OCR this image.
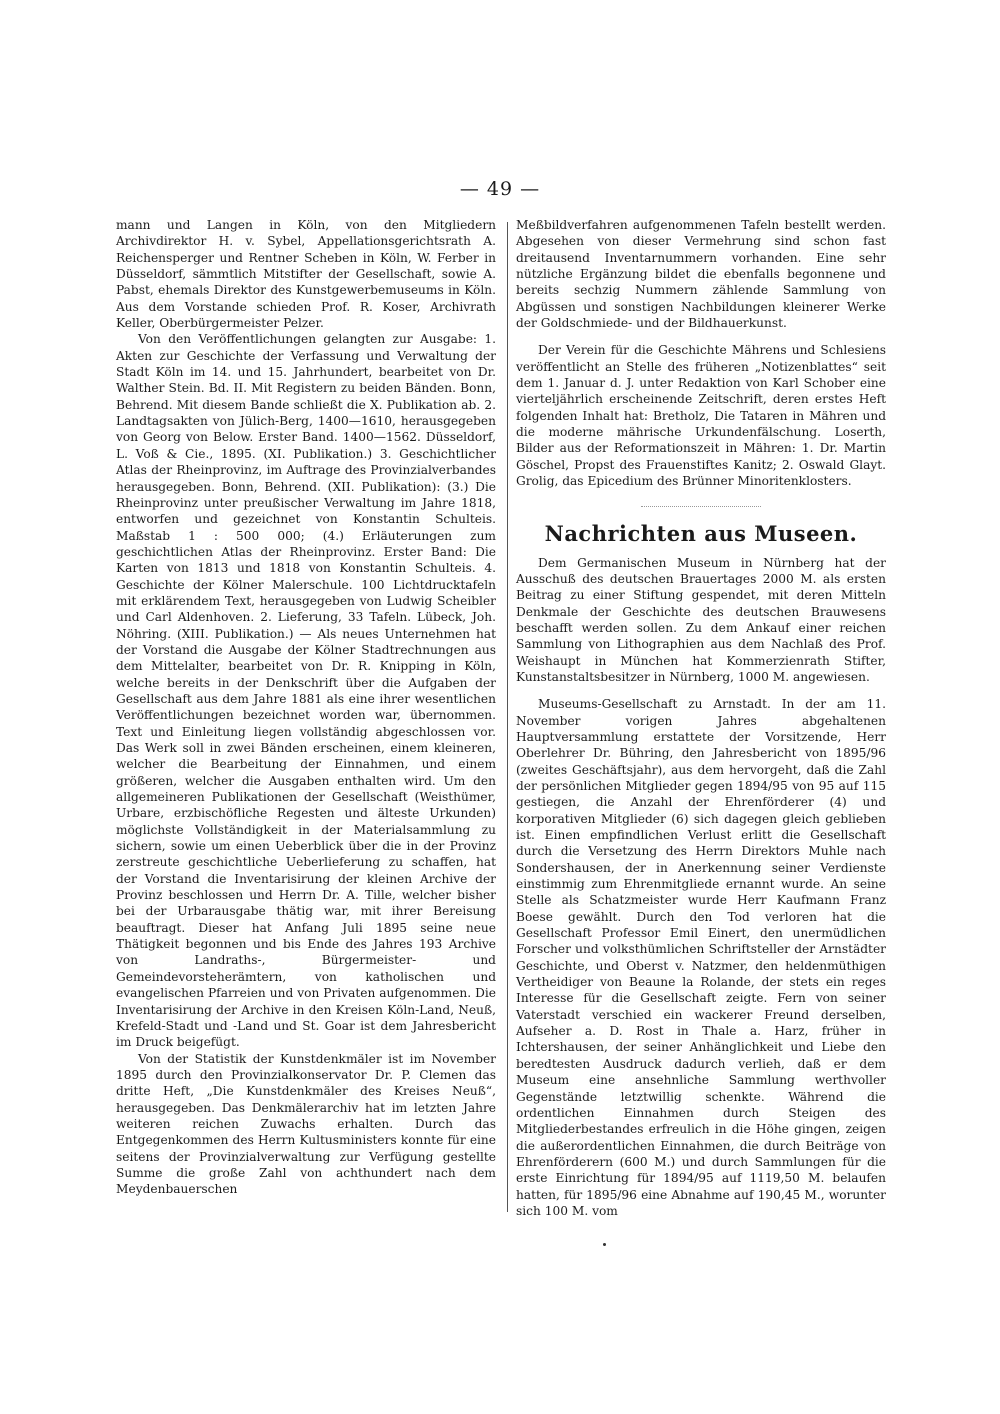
— 49 —

mann und Langen in Köln, von den Mitgliedern Archivdirektor H. v. Sybel, Appellationsgerichtsrath A. Reichensperger und Rentner Scheben in Köln, W. Ferber in Düsseldorf, sämmtlich Mitstifter der Gesellschaft, sowie A. Pabst, ehemals Direktor des Kunstgewerbemuseums in Köln. Aus dem Vorstande schieden Prof. R. Koser, Archivrath Keller, Oberbürgermeister Pelzer.

Von den Veröffentlichungen gelangten zur Ausgabe: 1. Akten zur Geschichte der Verfassung und Verwaltung der Stadt Köln im 14. und 15. Jahrhundert, bearbeitet von Dr. Walther Stein. Bd. II. Mit Registern zu beiden Bänden. Bonn, Behrend. Mit diesem Bande schließt die X. Publikation ab. 2. Landtagsakten von Jülich-Berg, 1400—1610, herausgegeben von Georg von Below. Erster Band. 1400—1562. Düsseldorf, L. Voß & Cie., 1895. (XI. Publikation.) 3. Geschichtlicher Atlas der Rheinprovinz, im Auftrage des Provinzialverbandes herausgegeben. Bonn, Behrend. (XII. Publikation): (3.) Die Rheinprovinz unter preußischer Verwaltung im Jahre 1818, entworfen und gezeichnet von Konstantin Schulteis. Maßstab 1 : 500 000; (4.) Erläuterungen zum geschichtlichen Atlas der Rheinprovinz. Erster Band: Die Karten von 1813 und 1818 von Konstantin Schulteis. 4. Geschichte der Kölner Malerschule. 100 Lichtdrucktafeln mit erklärendem Text, herausgegeben von Ludwig Scheibler und Carl Aldenhoven. 2. Lieferung, 33 Tafeln. Lübeck, Joh. Nöhring. (XIII. Publikation.) — Als neues Unternehmen hat der Vorstand die Ausgabe der Kölner Stadtrechnungen aus dem Mittelalter, bearbeitet von Dr. R. Knipping in Köln, welche bereits in der Denkschrift über die Aufgaben der Gesellschaft aus dem Jahre 1881 als eine ihrer wesentlichen Veröffentlichungen bezeichnet worden war, übernommen. Text und Einleitung liegen vollständig abgeschlossen vor. Das Werk soll in zwei Bänden erscheinen, einem kleineren, welcher die Bearbeitung der Einnahmen, und einem größeren, welcher die Ausgaben enthalten wird. Um den allgemeineren Publikationen der Gesellschaft (Weisthümer, Urbare, erzbischöfliche Regesten und älteste Urkunden) möglichste Vollständigkeit in der Materialsammlung zu sichern, sowie um einen Ueberblick über die in der Provinz zerstreute geschichtliche Ueberlieferung zu schaffen, hat der Vorstand die Inventarisirung der kleinen Archive der Provinz beschlossen und Herrn Dr. A. Tille, welcher bisher bei der Urbarausgabe thätig war, mit ihrer Bereisung beauftragt. Dieser hat Anfang Juli 1895 seine neue Thätigkeit begonnen und bis Ende des Jahres 193 Archive von Landraths-, Bürgermeister- und Gemeindevorsteherämtern, von katholischen und evangelischen Pfarreien und von Privaten aufgenommen. Die Inventarisirung der Archive in den Kreisen Köln-Land, Neuß, Krefeld-Stadt und -Land und St. Goar ist dem Jahresbericht im Druck beigefügt.

Von der Statistik der Kunstdenkmäler ist im November 1895 durch den Provinzialkonservator Dr. P. Clemen das dritte Heft, „Die Kunstdenkmäler des Kreises Neuß“, herausgegeben. Das Denkmälerarchiv hat im letzten Jahre weiteren reichen Zuwachs erhalten. Durch das Entgegenkommen des Herrn Kultusministers konnte für eine seitens der Provinzialverwaltung zur Verfügung gestellte Summe die große Zahl von achthundert nach dem Meydenbauerschen

Meßbildverfahren aufgenommenen Tafeln bestellt werden. Abgesehen von dieser Vermehrung sind schon fast dreitausend Inventarnummern vorhanden. Eine sehr nützliche Ergänzung bildet die ebenfalls begonnene und bereits sechzig Nummern zählende Sammlung von Abgüssen und sonstigen Nachbildungen kleinerer Werke der Goldschmiede- und der Bildhauerkunst.

Der Verein für die Geschichte Mährens und Schlesiens veröffentlicht an Stelle des früheren „Notizenblattes“ seit dem 1. Januar d. J. unter Redaktion von Karl Schober eine vierteljährlich erscheinende Zeitschrift, deren erstes Heft folgenden Inhalt hat: Bretholz, Die Tataren in Mähren und die moderne mährische Urkundenfälschung. Loserth, Bilder aus der Reformationszeit in Mähren: 1. Dr. Martin Göschel, Propst des Frauenstiftes Kanitz; 2. Oswald Glayt. Grolig, das Epicedium des Brünner Minoritenklosters.

Nachrichten aus Museen.

Dem Germanischen Museum in Nürnberg hat der Ausschuß des deutschen Brauertages 2000 M. als ersten Beitrag zu einer Stiftung gespendet, mit deren Mitteln Denkmale der Geschichte des deutschen Brauwesens beschafft werden sollen. Zu dem Ankauf einer reichen Sammlung von Lithographien aus dem Nachlaß des Prof. Weishaupt in München hat Kommerzienrath Stifter, Kunstanstaltsbesitzer in Nürnberg, 1000 M. angewiesen.

Museums-Gesellschaft zu Arnstadt. In der am 11. November vorigen Jahres abgehaltenen Hauptversammlung erstattete der Vorsitzende, Herr Oberlehrer Dr. Bühring, den Jahresbericht von 1895/96 (zweites Geschäftsjahr), aus dem hervorgeht, daß die Zahl der persönlichen Mitglieder gegen 1894/95 von 95 auf 115 gestiegen, die Anzahl der Ehrenförderer (4) und korporativen Mitglieder (6) sich dagegen gleich geblieben ist. Einen empfindlichen Verlust erlitt die Gesellschaft durch die Versetzung des Herrn Direktors Muhle nach Sondershausen, der in Anerkennung seiner Verdienste einstimmig zum Ehrenmitgliede ernannt wurde. An seine Stelle als Schatzmeister wurde Herr Kaufmann Franz Boese gewählt. Durch den Tod verloren hat die Gesellschaft Professor Emil Einert, den unermüdlichen Forscher und volksthümlichen Schriftsteller der Arnstädter Geschichte, und Oberst v. Natzmer, den heldenmüthigen Vertheidiger von Beaune la Rolande, der stets ein reges Interesse für die Gesellschaft zeigte. Fern von seiner Vaterstadt verschied ein wackerer Freund derselben, Aufseher a. D. Rost in Thale a. Harz, früher in Ichtershausen, der seiner Anhänglichkeit und Liebe den beredtesten Ausdruck dadurch verlieh, daß er dem Museum eine ansehnliche Sammlung werthvoller Gegenstände letztwillig schenkte. Während die ordentlichen Einnahmen durch Steigen des Mitgliederbestandes erfreulich in die Höhe gingen, zeigen die außerordentlichen Einnahmen, die durch Beiträge von Ehrenförderern (600 M.) und durch Sammlungen für die erste Einrichtung für 1894/95 auf 1119,50 M. belaufen hatten, für 1895/96 eine Abnahme auf 190,45 M., worunter sich 100 M. vom
